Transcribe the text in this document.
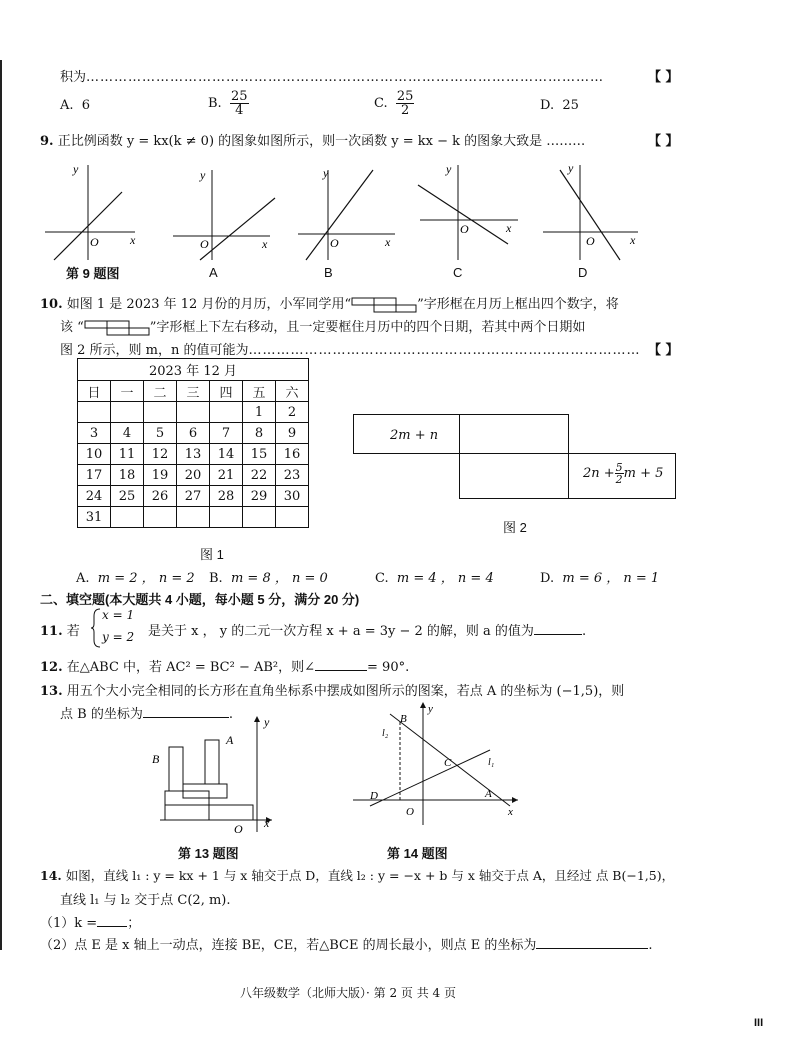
积为…………………………………………………………………………………………………	【 】
A. 6	B. $\frac{25}{4}$	C. $\frac{25}{2}$	D. 25
9. 正比例函数 y = kx(k ≠ 0) 的图象如图所示，则一次函数 y = kx − k 的图象大致是 ………	【 】
y
x
O
y
x
O
y
x
O
y
x
O
y
x
O
第 9 题图	A	B	C	D
10. 如图 1 是 2023 年 12 月份的月历，小军同学用“	”字形框在月历上框出四个数字，将
该 “	”字形框上下左右移动，且一定要框住月历中的四个日期，若其中两个日期如
图 2 所示，则 m，n 的值可能为………………………………………………………………………… 【 】
2023 年 12 月						
日	一	二	三	四	五	六
					1	2
3	4	5	6	7	8	9
10	11	12	13	14	15	16
17	18	19	20	21	22	23
24	25	26	27	28	29	30
31						
图 1
2m + n
$2n + \frac{5}{2}$ m + 5
图 2
A. m = 2 ， n = 2 B. m = 8 ， n = 0	C. m = 4 ， n = 4	D. m = 6 ， n = 1
二、填空题(本大题共 4 小题，每小题 5 分，满分 20 分)
11. 若
x = 1
y = 2 是关于 x ， y 的二元一次方程 x + a = 3y − 2 的解，则 a 的值为	.
12. 在△ABC 中，若 AC² = BC² − AB²，则∠	= 90°.
13. 用五个大小完全相同的长方形在直角坐标系中摆成如图所示的图案，若点 A 的坐标为 (−1,5)，则
点 B 的坐标为	.
B
A
O x
y
第 13 题图
B
l₂
C	l₁
D	A
O	x
y
第 14 题图
14. 如图，直线 l₁ : y = kx + 1 与 x 轴交于点 D，直线 l₂ : y = −x + b 与 x 轴交于点 A，且经过 点 B(−1,5)，
直线 l₁ 与 l₂ 交于点 C(2, m).
（1）k = ；
（2）点 E 是 x 轴上一动点，连接 BE，CE，若△BCE 的周长最小，则点 E 的坐标为	.
八年级数学（北师大版）· 第 2 页 共 4 页
III
